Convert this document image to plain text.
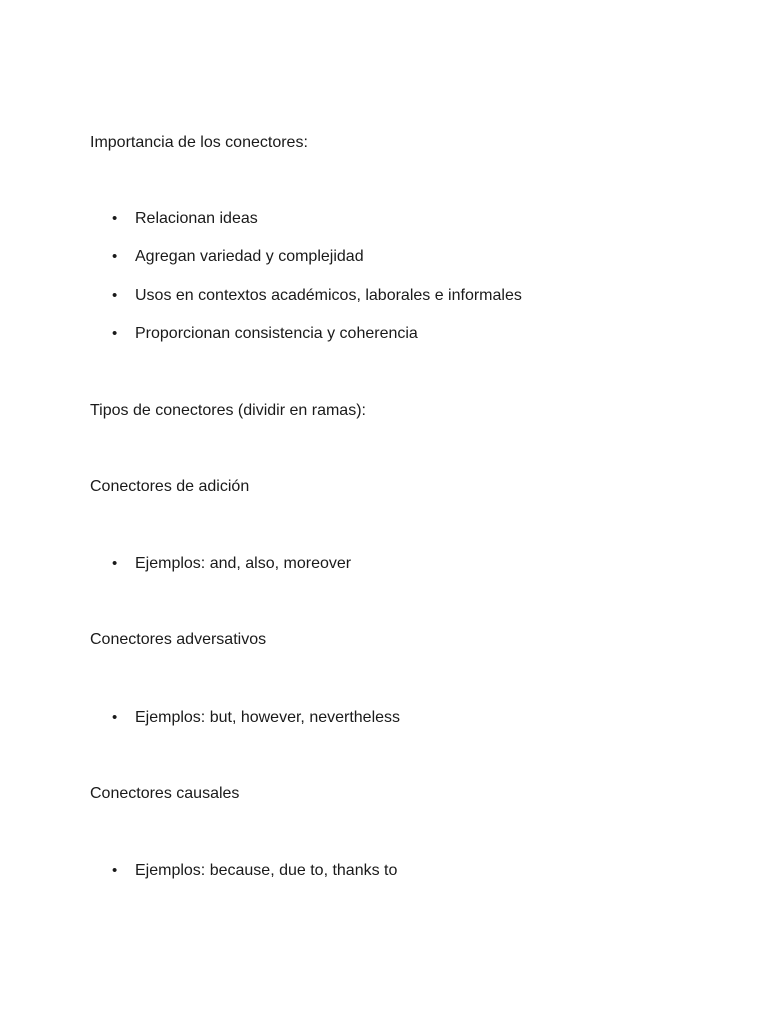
Importancia de los conectores:

• Relacionan ideas

• Agregan variedad y complejidad

• Usos en contextos académicos, laborales e informales

• Proporcionan consistencia y coherencia

Tipos de conectores (dividir en ramas):

Conectores de adición

• Ejemplos: and, also, moreover

Conectores adversativos

• Ejemplos: but, however, nevertheless

Conectores causales

• Ejemplos: because, due to, thanks to
